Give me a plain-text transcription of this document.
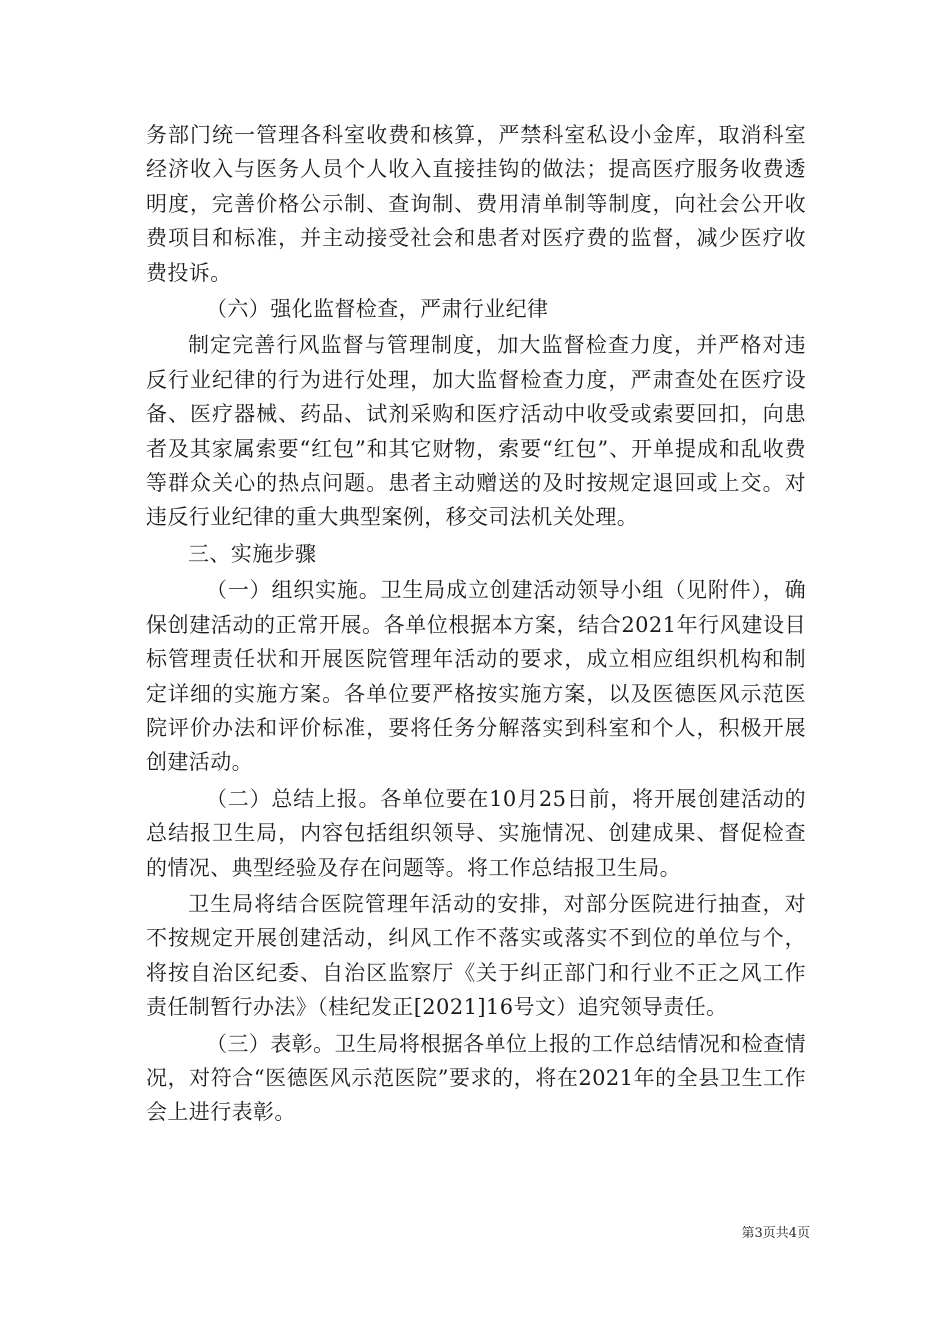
务部门统一管理各科室收费和核算，严禁科室私设小金库，取消科室经济收入与医务人员个人收入直接挂钩的做法；提高医疗服务收费透明度，完善价格公示制、查询制、费用清单制等制度，向社会公开收费项目和标准，并主动接受社会和患者对医疗费的监督，减少医疗收费投诉。

（六）强化监督检查，严肃行业纪律

制定完善行风监督与管理制度，加大监督检查力度，并严格对违反行业纪律的行为进行处理，加大监督检查力度，严肃查处在医疗设备、医疗器械、药品、试剂采购和医疗活动中收受或索要回扣，向患者及其家属索要“红包”和其它财物，索要“红包”、开单提成和乱收费等群众关心的热点问题。患者主动赠送的及时按规定退回或上交。对违反行业纪律的重大典型案例，移交司法机关处理。

三、实施步骤

（一）组织实施。卫生局成立创建活动领导小组（见附件），确保创建活动的正常开展。各单位根据本方案，结合2021年行风建设目标管理责任状和开展医院管理年活动的要求，成立相应组织机构和制定详细的实施方案。各单位要严格按实施方案，以及医德医风示范医院评价办法和评价标准，要将任务分解落实到科室和个人，积极开展创建活动。

（二）总结上报。各单位要在10月25日前，将开展创建活动的总结报卫生局，内容包括组织领导、实施情况、创建成果、督促检查的情况、典型经验及存在问题等。将工作总结报卫生局。

卫生局将结合医院管理年活动的安排，对部分医院进行抽查，对不按规定开展创建活动，纠风工作不落实或落实不到位的单位与个，将按自治区纪委、自治区监察厅《关于纠正部门和行业不正之风工作责任制暂行办法》（桂纪发正[2021]16号文）追究领导责任。

（三）表彰。卫生局将根据各单位上报的工作总结情况和检查情况，对符合“医德医风示范医院”要求的，将在2021年的全县卫生工作会上进行表彰。

第3页共4页
